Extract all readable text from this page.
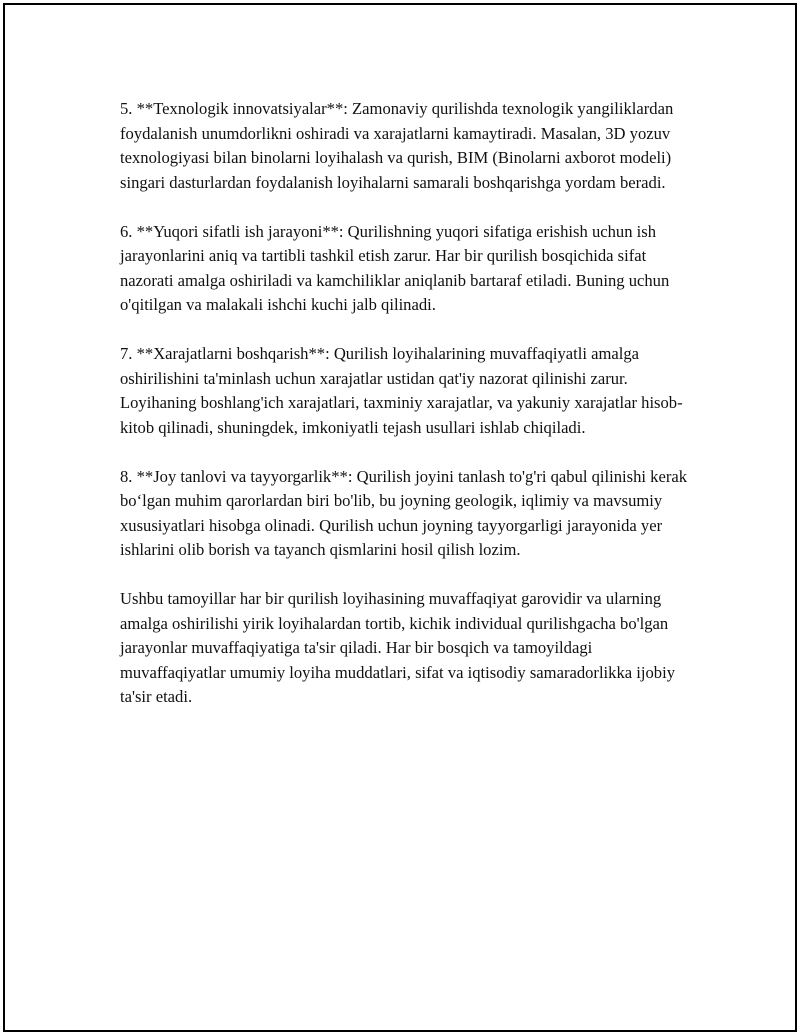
5. **Texnologik innovatsiyalar**: Zamonaviy qurilishda texnologik yangiliklardan foydalanish unumdorlikni oshiradi va xarajatlarni kamaytiradi. Masalan, 3D yozuv texnologiyasi bilan binolarni loyihalash va qurish, BIM (Binolarni axborot modeli) singari dasturlardan foydalanish loyihalarni samarali boshqarishga yordam beradi.

6. **Yuqori sifatli ish jarayoni**: Qurilishning yuqori sifatiga erishish uchun ish jarayonlarini aniq va tartibli tashkil etish zarur. Har bir qurilish bosqichida sifat nazorati amalga oshiriladi va kamchiliklar aniqlanib bartaraf etiladi. Buning uchun o'qitilgan va malakali ishchi kuchi jalb qilinadi.

7. **Xarajatlarni boshqarish**: Qurilish loyihalarining muvaffaqiyatli amalga oshirilishini ta'minlash uchun xarajatlar ustidan qat'iy nazorat qilinishi zarur. Loyihaning boshlang'ich xarajatlari, taxminiy xarajatlar, va yakuniy xarajatlar hisob-kitob qilinadi, shuningdek, imkoniyatli tejash usullari ishlab chiqiladi.

8. **Joy tanlovi va tayyorgarlik**: Qurilish joyini tanlash to'g'ri qabul qilinishi kerak bo‘lgan muhim qarorlardan biri bo'lib, bu joyning geologik, iqlimiy va mavsumiy xususiyatlari hisobga olinadi. Qurilish uchun joyning tayyorgarligi jarayonida yer ishlarini olib borish va tayanch qismlarini hosil qilish lozim.

Ushbu tamoyillar har bir qurilish loyihasining muvaffaqiyat garovidir va ularning amalga oshirilishi yirik loyihalardan tortib, kichik individual qurilishgacha bo'lgan jarayonlar muvaffaqiyatiga ta'sir qiladi. Har bir bosqich va tamoyildagi muvaffaqiyatlar umumiy loyiha muddatlari, sifat va iqtisodiy samaradorlikka ijobiy ta'sir etadi.
